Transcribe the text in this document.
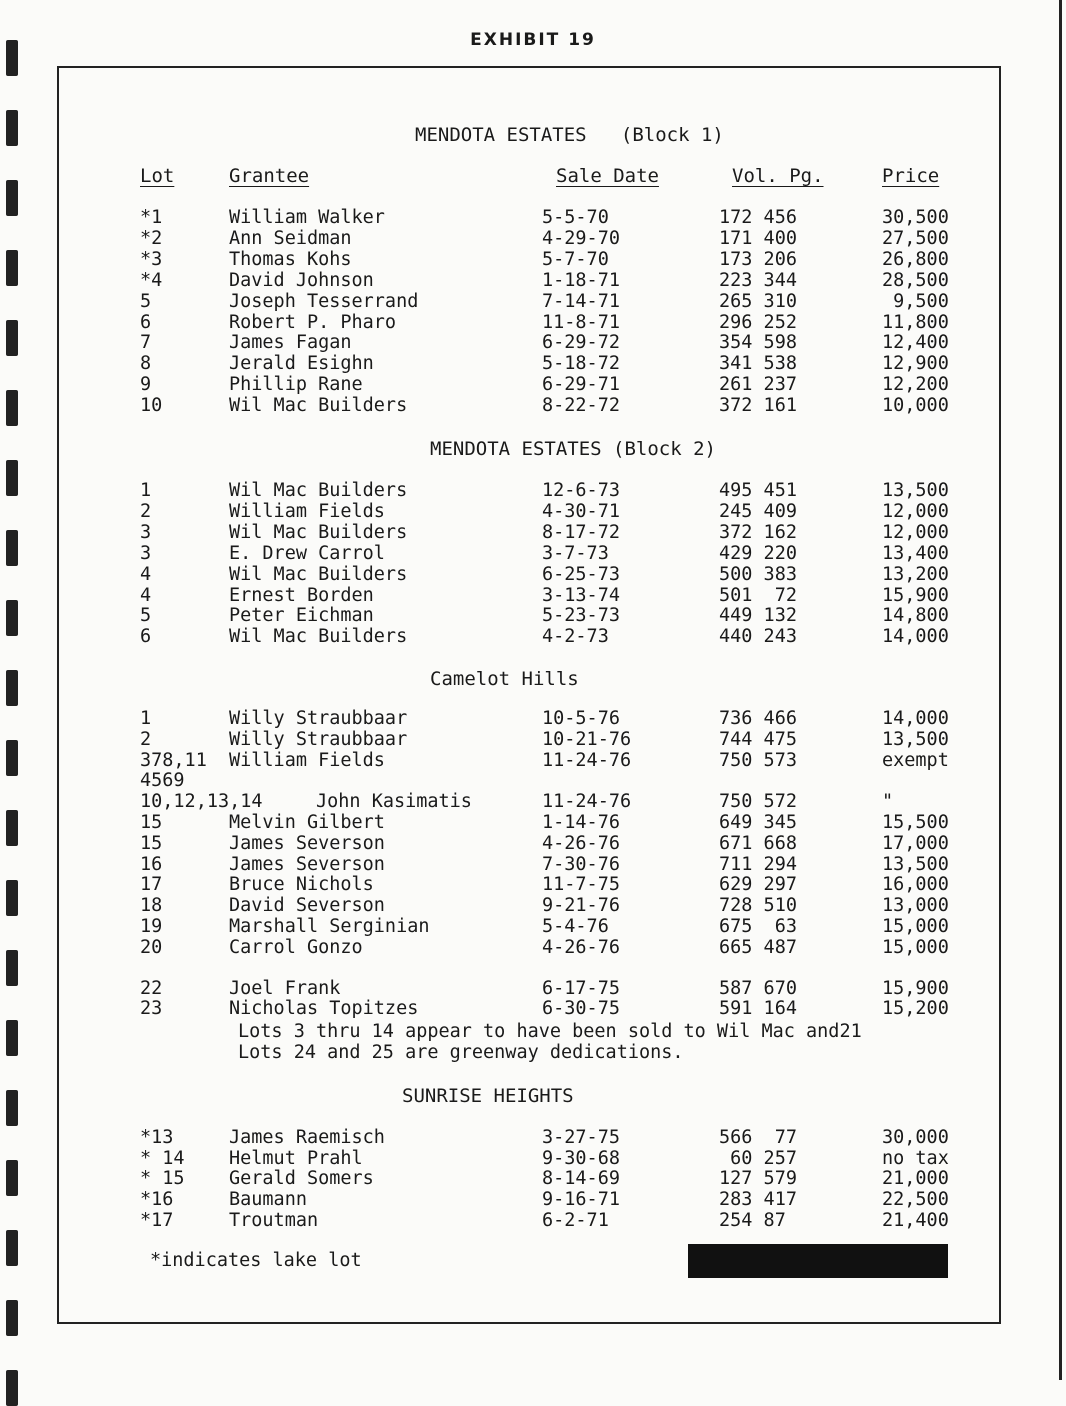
EXHIBIT 19
MENDOTA ESTATES   (Block 1)
Lot	Grantee	Sale Date	Vol. Pg.	Price
*1	William Walker	5-5-70	172 456	30,500
*2	Ann Seidman	4-29-70	171 400	27,500
*3	Thomas Kohs	5-7-70	173 206	26,800
*4	David Johnson	1-18-71	223 344	28,500
5	Joseph Tesserrand	7-14-71	265 310	9,500
6	Robert P. Pharo	11-8-71	296 252	11,800
7	James Fagan	6-29-72	354 598	12,400
8	Jerald Esighn	5-18-72	341 538	12,900
9	Phillip Rane	6-29-71	261 237	12,200
10	Wil Mac Builders	8-22-72	372 161	10,000
MENDOTA ESTATES (Block 2)
1	Wil Mac Builders	12-6-73	495 451	13,500
2	William Fields	4-30-71	245 409	12,000
3	Wil Mac Builders	8-17-72	372 162	12,000
3	E. Drew Carrol	3-7-73	429 220	13,400
4	Wil Mac Builders	6-25-73	500 383	13,200
4	Ernest Borden	3-13-74	501  72	15,900
5	Peter Eichman	5-23-73	449 132	14,800
6	Wil Mac Builders	4-2-73	440 243	14,000
Camelot Hills
1	Willy Straubbaar	10-5-76	736 466	14,000
2	Willy Straubbaar	10-21-76	744 475	13,500
378,11 William Fields	11-24-76	750 573	exempt
4569
10,12,13,14	John Kasimatis	11-24-76	750 572	"
15	Melvin Gilbert	1-14-76	649 345	15,500
15	James Severson	4-26-76	671 668	17,000
16	James Severson	7-30-76	711 294	13,500
17	Bruce Nichols	11-7-75	629 297	16,000
18	David Severson	9-21-76	728 510	13,000
19	Marshall Serginian	5-4-76	675  63	15,000
20	Carrol Gonzo	4-26-76	665 487	15,000
22	Joel Frank	6-17-75	587 670	15,900
23	Nicholas Topitzes	6-30-75	591 164	15,200
Lots 3 thru 14 appear to have been sold to Wil Mac and21
Lots 24 and 25 are greenway dedications.
SUNRISE HEIGHTS
*13	James Raemisch	3-27-75	566  77	30,000
* 14 Helmut Prahl	9-30-68	60 257	no tax
* 15 Gerald Somers	8-14-69	127 579	21,000
*16	Baumann	9-16-71	283 417	22,500
*17	Troutman	6-2-71	254 87	21,400
*indicates lake lot
